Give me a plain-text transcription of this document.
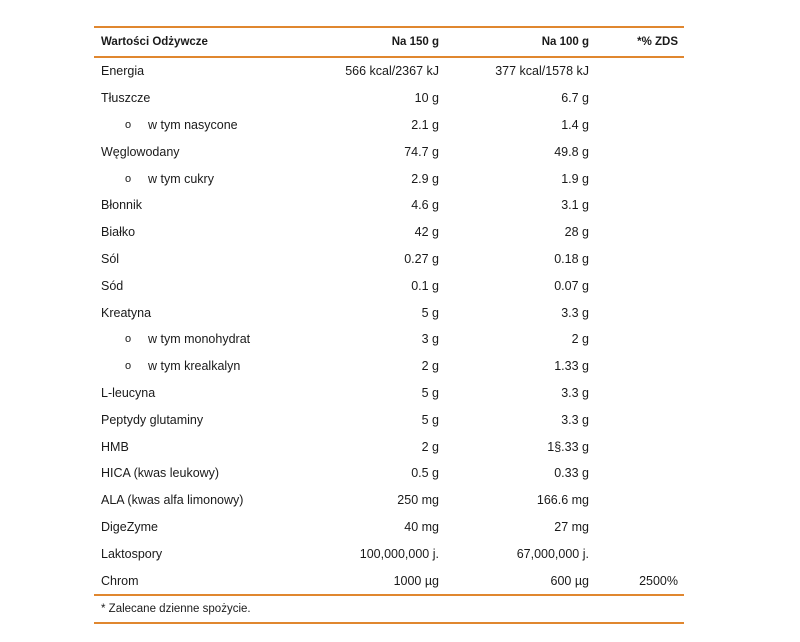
Wartości Odżywcze	Na 150 g	Na 100 g	*% ZDS
Energia	566 kcal/2367 kJ	377 kcal/1578 kJ
Tłuszcze	10 g	6.7 g
o w tym nasycone	2.1 g	1.4 g
Węglowodany	74.7 g	49.8 g
o w tym cukry	2.9 g	1.9 g
Błonnik	4.6 g	3.1 g
Białko	42 g	28 g
Sól	0.27 g	0.18 g
Sód	0.1 g	0.07 g
Kreatyna	5 g	3.3 g
o w tym monohydrat	3 g	2 g
o w tym krealkalyn	2 g	1.33 g
L-leucyna	5 g	3.3 g
Peptydy glutaminy	5 g	3.3 g
HMB	2 g	1§.33 g
HICA (kwas leukowy)	0.5 g	0.33 g
ALA (kwas alfa limonowy)	250 mg	166.6 mg
DigeZyme	40 mg	27 mg
Laktospory	100,000,000 j.	67,000,000 j.
Chrom	1000 µg	600 µg	2500%
* Zalecane dzienne spożycie.
